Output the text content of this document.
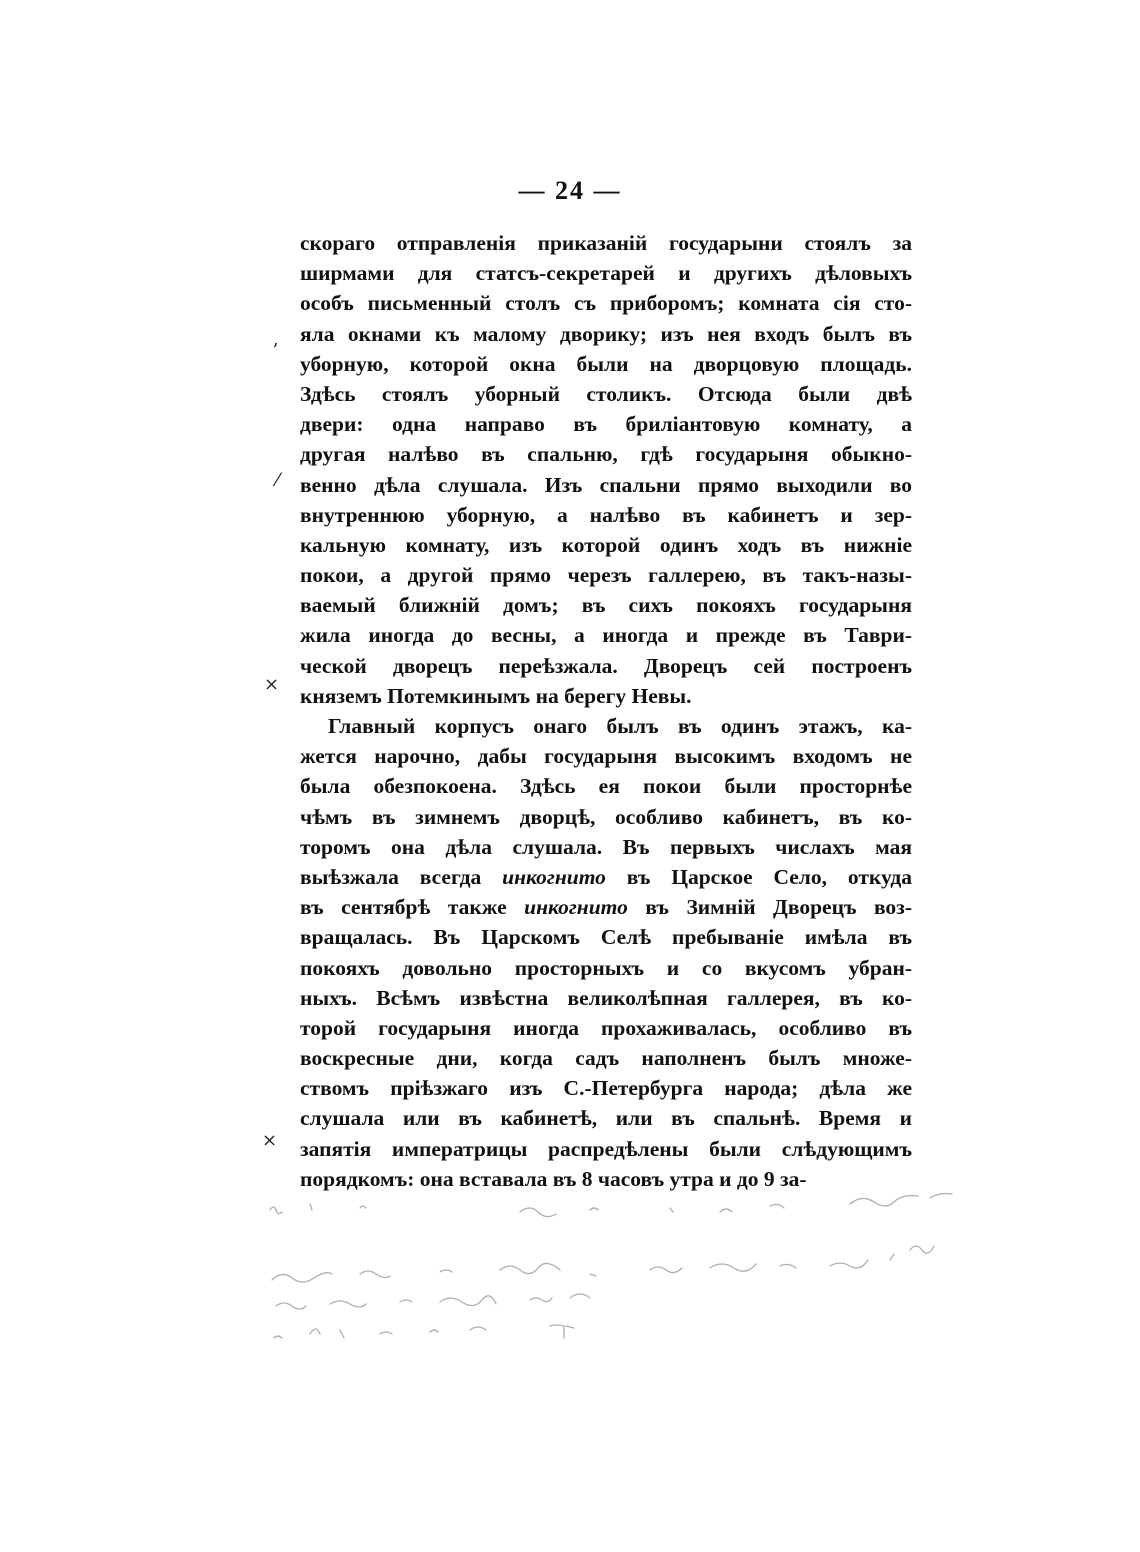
— 24 —
скораго отправленія приказаній государыни стоялъ за
ширмами для статсъ-секретарей и другихъ дѣловыхъ
особъ письменный столъ съ приборомъ; комната сія сто-
яла окнами къ малому дворику; изъ нея входъ былъ въ
уборную, которой окна были на дворцовую площадь.
Здѣсь стоялъ уборный столикъ. Отсюда были двѣ
двери: одна направо въ бриліантовую комнату, а
другая налѣво въ спальню, гдѣ государыня обыкно-
венно дѣла слушала. Изъ спальни прямо выходили во
внутреннюю уборную, а налѣво въ кабинетъ и зер-
кальную комнату, изъ которой одинъ ходъ въ нижніе
покои, а другой прямо черезъ галлерею, въ такъ-назы-
ваемый ближній домъ; въ сихъ покояхъ государыня
жила иногда до весны, а иногда и прежде въ Таври-
ческой дворецъ переѣзжала. Дворецъ сей построенъ
княземъ Потемкинымъ на берегу Невы.
Главный корпусъ онаго былъ въ одинъ этажъ, ка-
жется нарочно, дабы государыня высокимъ входомъ не
была обезпокоена. Здѣсь ея покои были просторнѣе
чѣмъ въ зимнемъ дворцѣ, особливо кабинетъ, въ ко-
торомъ она дѣла слушала. Въ первыхъ числахъ мая
выѣзжала всегда инкогнито въ Царское Село, откуда
въ сентябрѣ также инкогнито въ Зимній Дворецъ воз-
вращалась. Въ Царскомъ Селѣ пребываніе имѣла въ
покояхъ довольно просторныхъ и со вкусомъ убран-
ныхъ. Всѣмъ извѣстна великолѣпная галлерея, въ ко-
торой государыня иногда прохаживалась, особливо въ
воскресные дни, когда садъ наполненъ былъ множе-
ствомъ пріѣзжаго изъ С.-Петербурга народа; дѣла же
слушала или въ кабинетѣ, или въ спальнѣ. Время и
запятія императрицы распредѣлены были слѣдующимъ
порядкомъ: она вставала въ 8 часовъ утра и до 9 за-
ʼ
⁄
×
×
